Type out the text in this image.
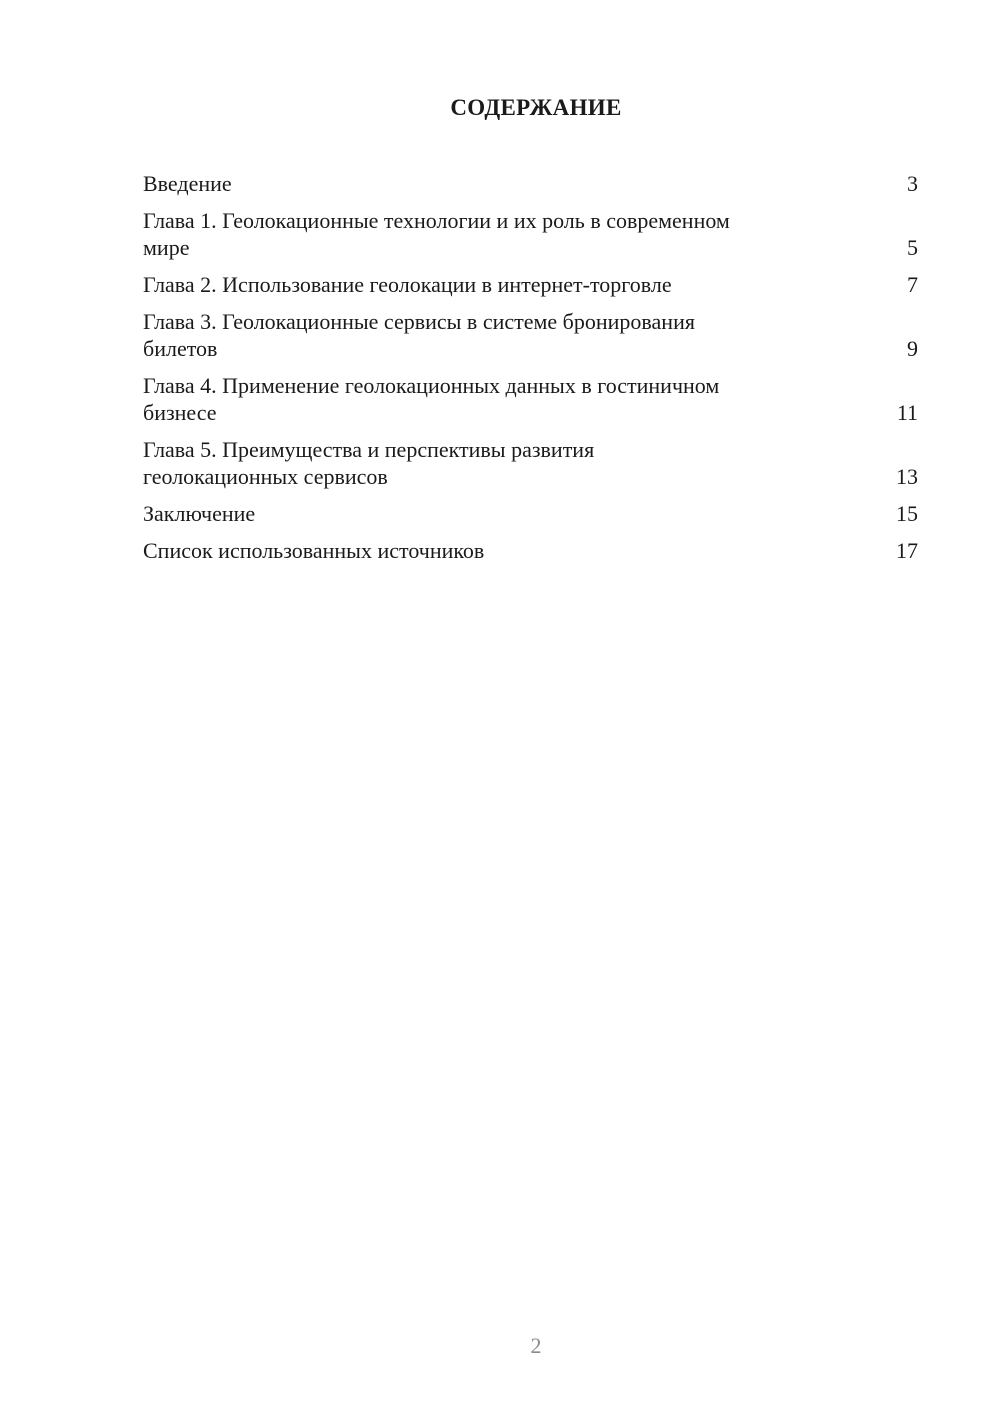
СОДЕРЖАНИЕ
Введение	3
Глава 1. Геолокационные технологии и их роль в современном
мире	5
Глава 2. Использование геолокации в интернет-торговле	7
Глава 3. Геолокационные сервисы в системе бронирования
билетов	9
Глава 4. Применение геолокационных данных в гостиничном
бизнесе	11
Глава 5. Преимущества и перспективы развития
геолокационных сервисов	13
Заключение	15
Список использованных источников	17
2
